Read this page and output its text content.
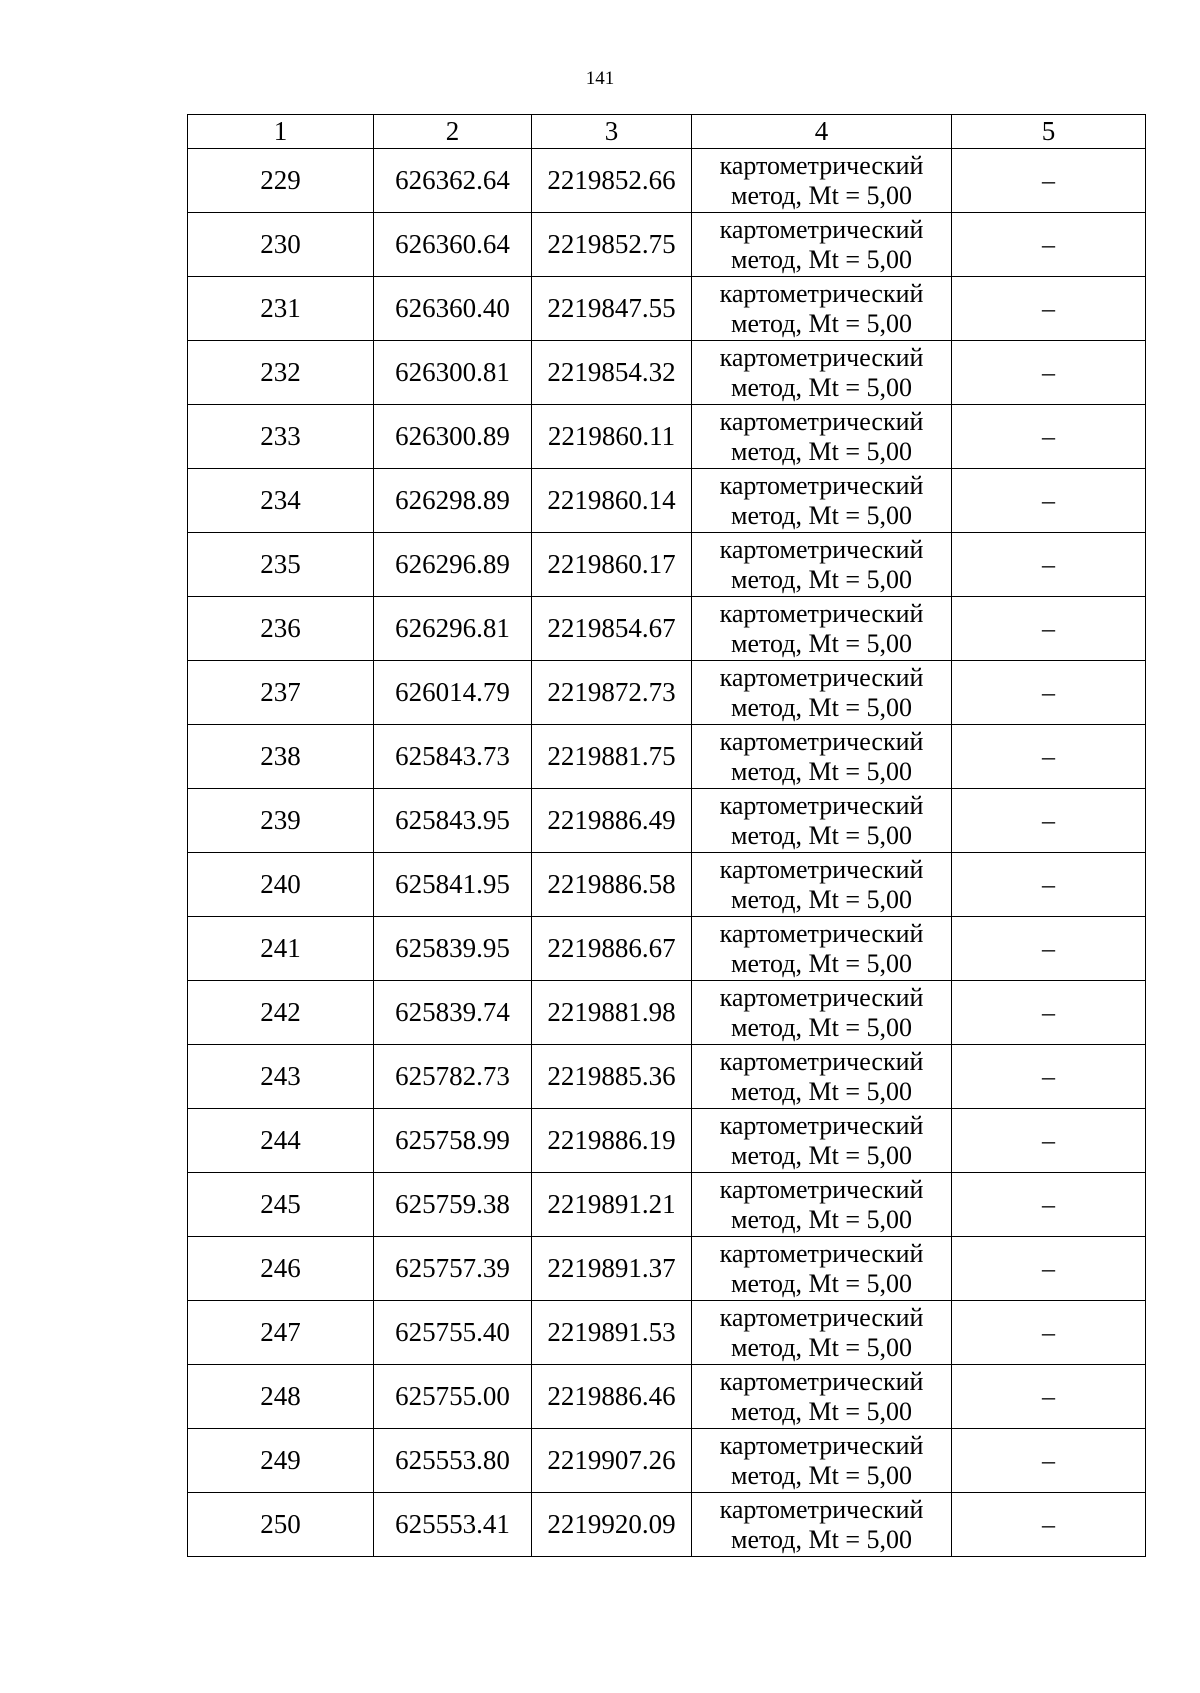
141
1	2	3	4	5
229	626362.64	2219852.66	картометрический
метод, Mt = 5,00	–
230	626360.64	2219852.75	картометрический
метод, Mt = 5,00	–
231	626360.40	2219847.55	картометрический
метод, Mt = 5,00	–
232	626300.81	2219854.32	картометрический
метод, Mt = 5,00	–
233	626300.89	2219860.11	картометрический
метод, Mt = 5,00	–
234	626298.89	2219860.14	картометрический
метод, Mt = 5,00	–
235	626296.89	2219860.17	картометрический
метод, Mt = 5,00	–
236	626296.81	2219854.67	картометрический
метод, Mt = 5,00	–
237	626014.79	2219872.73	картометрический
метод, Mt = 5,00	–
238	625843.73	2219881.75	картометрический
метод, Mt = 5,00	–
239	625843.95	2219886.49	картометрический
метод, Mt = 5,00	–
240	625841.95	2219886.58	картометрический
метод, Mt = 5,00	–
241	625839.95	2219886.67	картометрический
метод, Mt = 5,00	–
242	625839.74	2219881.98	картометрический
метод, Mt = 5,00	–
243	625782.73	2219885.36	картометрический
метод, Mt = 5,00	–
244	625758.99	2219886.19	картометрический
метод, Mt = 5,00	–
245	625759.38	2219891.21	картометрический
метод, Mt = 5,00	–
246	625757.39	2219891.37	картометрический
метод, Mt = 5,00	–
247	625755.40	2219891.53	картометрический
метод, Mt = 5,00	–
248	625755.00	2219886.46	картометрический
метод, Mt = 5,00	–
249	625553.80	2219907.26	картометрический
метод, Mt = 5,00	–
250	625553.41	2219920.09	картометрический
метод, Mt = 5,00	–
